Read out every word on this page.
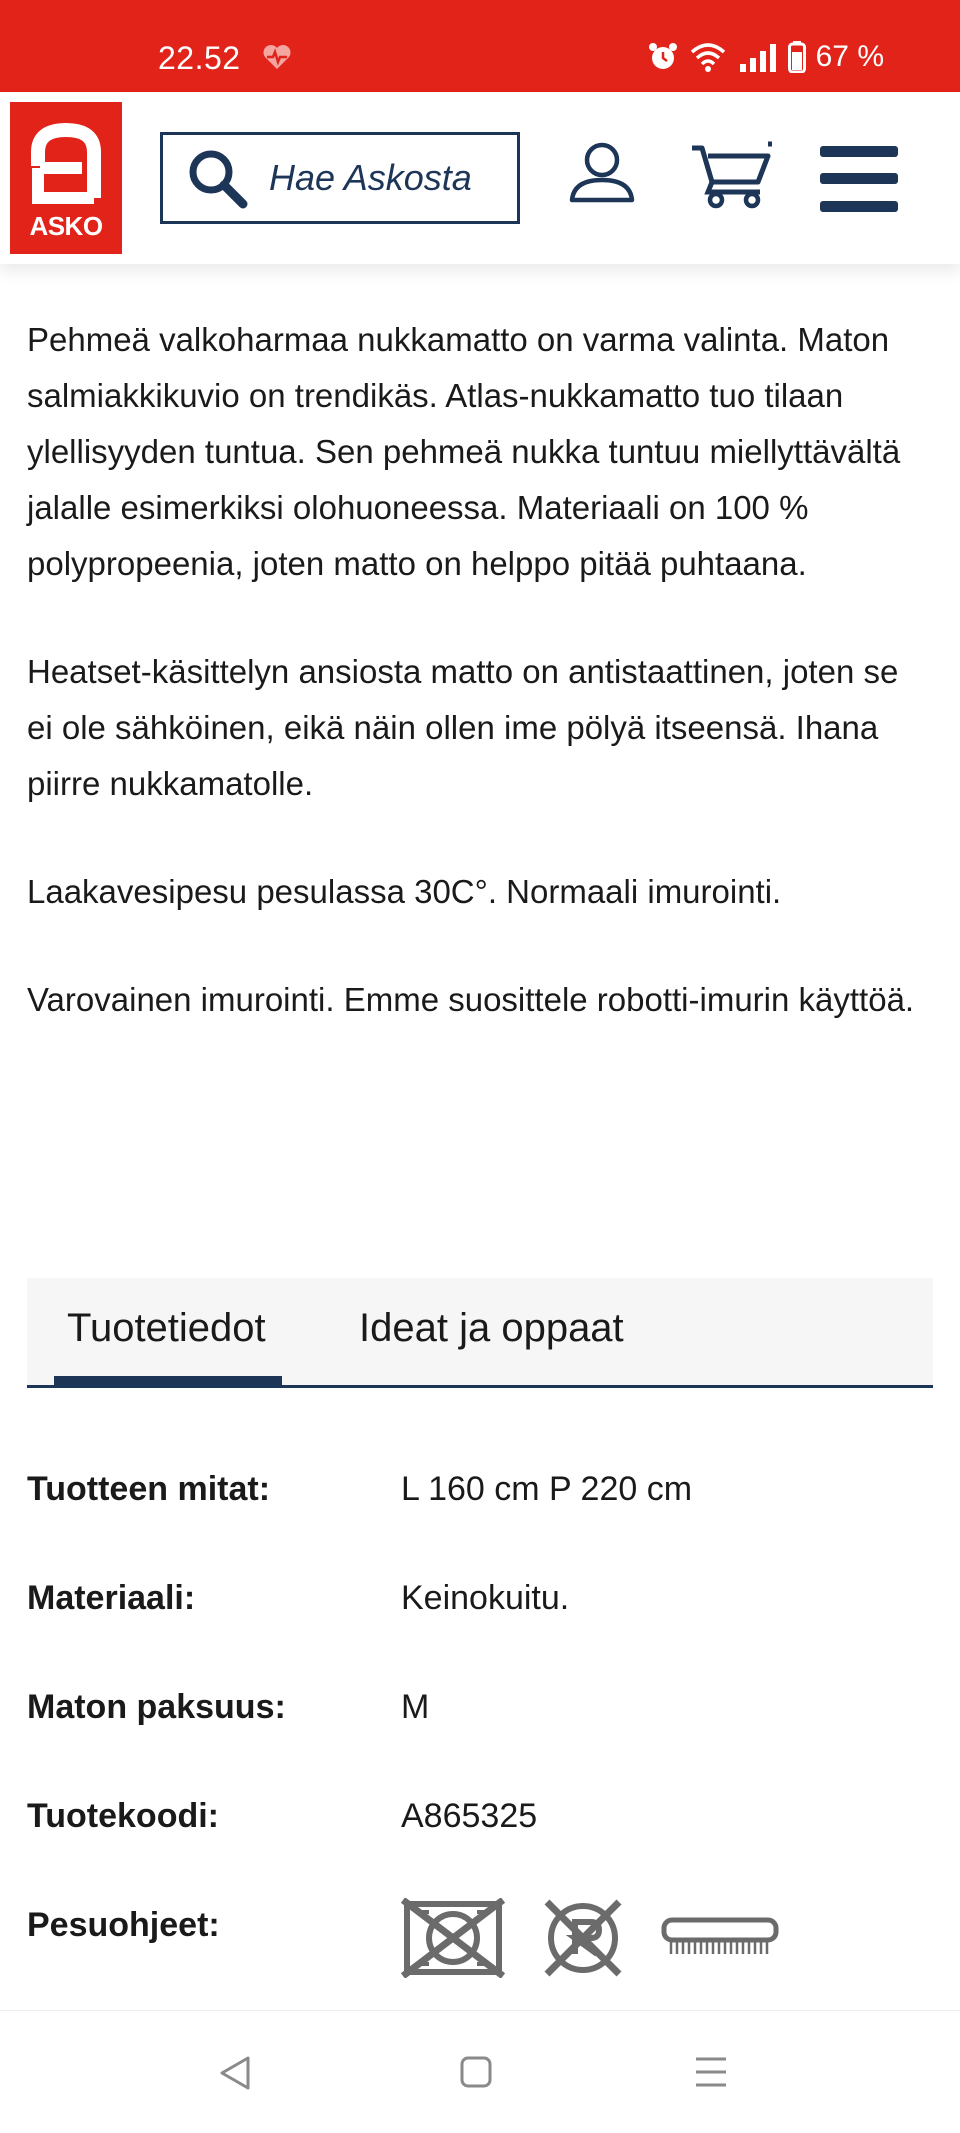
22.52	67 %
ASKO
Hae Askosta

Pehmeä valkoharmaa nukkamatto on varma valinta. Maton salmiakkikuvio on trendikäs. Atlas-nukkamatto tuo tilaan ylellisyyden tuntua. Sen pehmeä nukka tuntuu miellyttävältä jalalle esimerkiksi olohuoneessa. Materiaali on 100 % polypropeenia, joten matto on helppo pitää puhtaana.

Heatset-käsittelyn ansiosta matto on antistaattinen, joten se ei ole sähköinen, eikä näin ollen ime pölyä itseensä. Ihana piirre nukkamatolle.

Laakavesipesu pesulassa 30C°. Normaali imurointi.

Varovainen imurointi. Emme suosittele robotti-imurin käyttöä.

Tuotetiedot Ideat ja oppaat
Tuotteen mitat:	L 160 cm P 220 cm
Materiaali:	Keinokuitu.
Maton paksuus:	M
Tuotekoodi:	A865325
Pesuohjeet:
